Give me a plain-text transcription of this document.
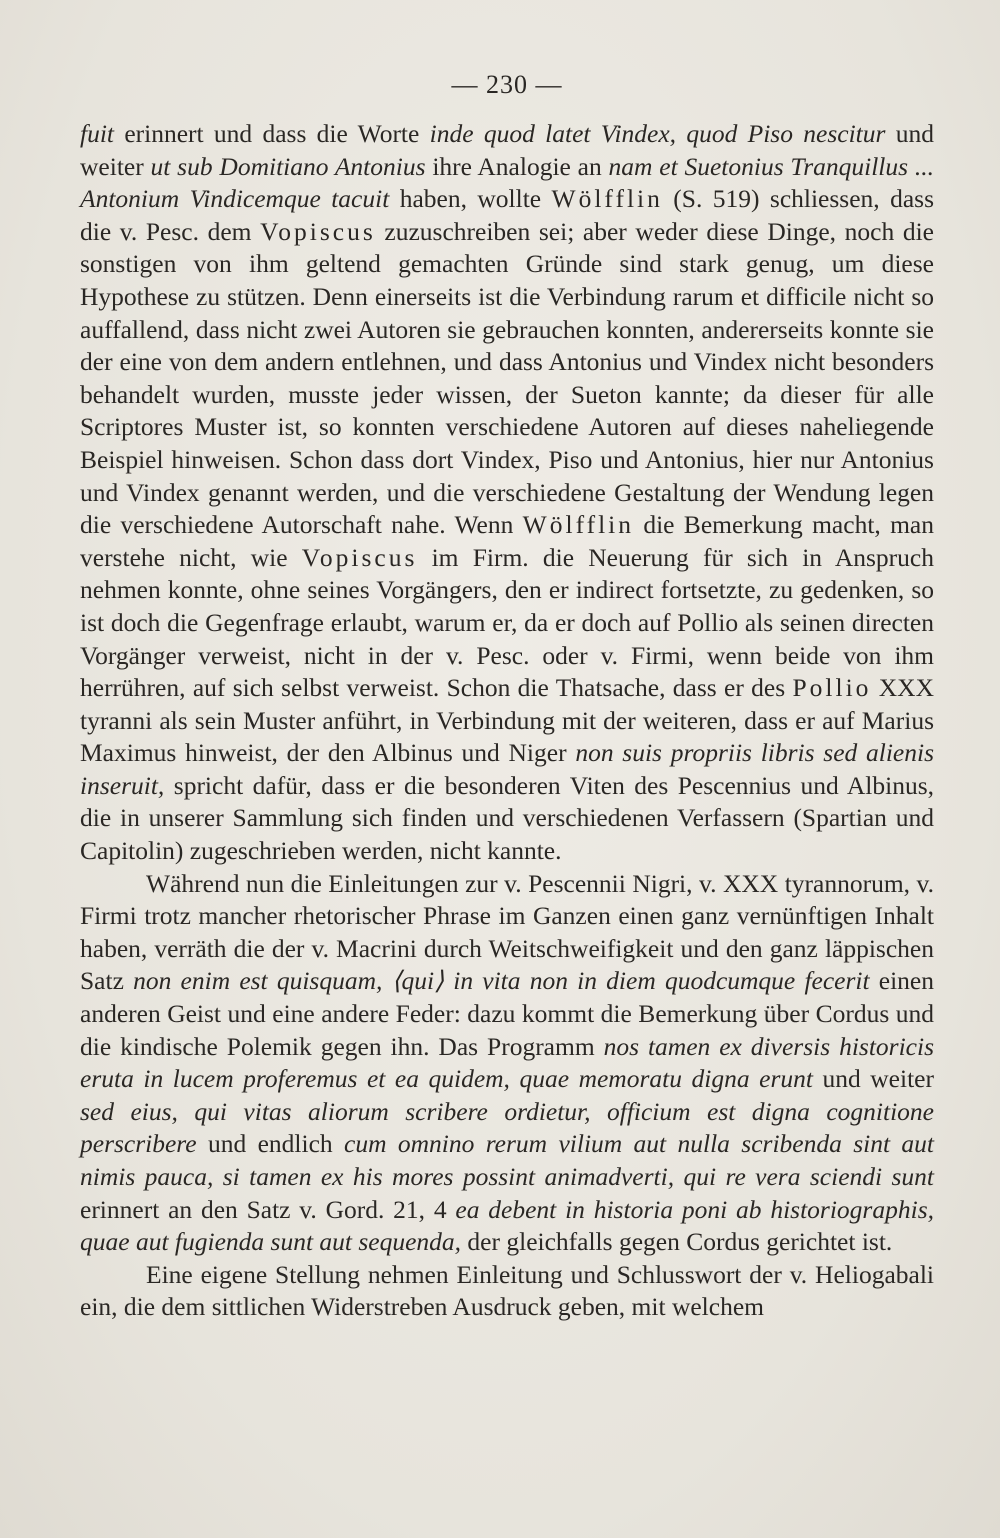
— 230 —

fuit erinnert und dass die Worte inde quod latet Vindex, quod Piso nescitur und weiter ut sub Domitiano Antonius ihre Analogie an nam et Suetonius Tranquillus ... Antonium Vindicemque tacuit haben, wollte Wölfflin (S. 519) schliessen, dass die v. Pesc. dem Vopiscus zuzuschreiben sei; aber weder diese Dinge, noch die sonstigen von ihm geltend gemachten Gründe sind stark genug, um diese Hypothese zu stützen. Denn einerseits ist die Verbindung rarum et difficile nicht so auffallend, dass nicht zwei Autoren sie gebrauchen konnten, andererseits konnte sie der eine von dem andern entlehnen, und dass Antonius und Vindex nicht besonders behandelt wurden, musste jeder wissen, der Sueton kannte; da dieser für alle Scriptores Muster ist, so konnten verschiedene Autoren auf dieses naheliegende Beispiel hinweisen. Schon dass dort Vindex, Piso und Antonius, hier nur Antonius und Vindex genannt werden, und die verschiedene Gestaltung der Wendung legen die verschiedene Autorschaft nahe. Wenn Wölfflin die Bemerkung macht, man verstehe nicht, wie Vopiscus im Firm. die Neuerung für sich in Anspruch nehmen konnte, ohne seines Vorgängers, den er indirect fortsetzte, zu gedenken, so ist doch die Gegenfrage erlaubt, warum er, da er doch auf Pollio als seinen directen Vorgänger verweist, nicht in der v. Pesc. oder v. Firmi, wenn beide von ihm herrühren, auf sich selbst verweist. Schon die Thatsache, dass er des Pollio XXX tyranni als sein Muster anführt, in Verbindung mit der weiteren, dass er auf Marius Maximus hinweist, der den Albinus und Niger non suis propriis libris sed alienis inseruit, spricht dafür, dass er die besonderen Viten des Pescennius und Albinus, die in unserer Sammlung sich finden und verschiedenen Verfassern (Spartian und Capitolin) zugeschrieben werden, nicht kannte.

Während nun die Einleitungen zur v. Pescennii Nigri, v. XXX tyrannorum, v. Firmi trotz mancher rhetorischer Phrase im Ganzen einen ganz vernünftigen Inhalt haben, verräth die der v. Macrini durch Weitschweifigkeit und den ganz läppischen Satz non enim est quisquam, ⟨qui⟩ in vita non in diem quodcumque fecerit einen anderen Geist und eine andere Feder: dazu kommt die Bemerkung über Cordus und die kindische Polemik gegen ihn. Das Programm nos tamen ex diversis historicis eruta in lucem proferemus et ea quidem, quae memoratu digna erunt und weiter sed eius, qui vitas aliorum scribere ordietur, officium est digna cognitione perscribere und endlich cum omnino rerum vilium aut nulla scribenda sint aut nimis pauca, si tamen ex his mores possint animadverti, qui re vera sciendi sunt erinnert an den Satz v. Gord. 21, 4 ea debent in historia poni ab historiographis, quae aut fugienda sunt aut sequenda, der gleichfalls gegen Cordus gerichtet ist.

Eine eigene Stellung nehmen Einleitung und Schlusswort der v. Heliogabali ein, die dem sittlichen Widerstreben Ausdruck geben, mit welchem
